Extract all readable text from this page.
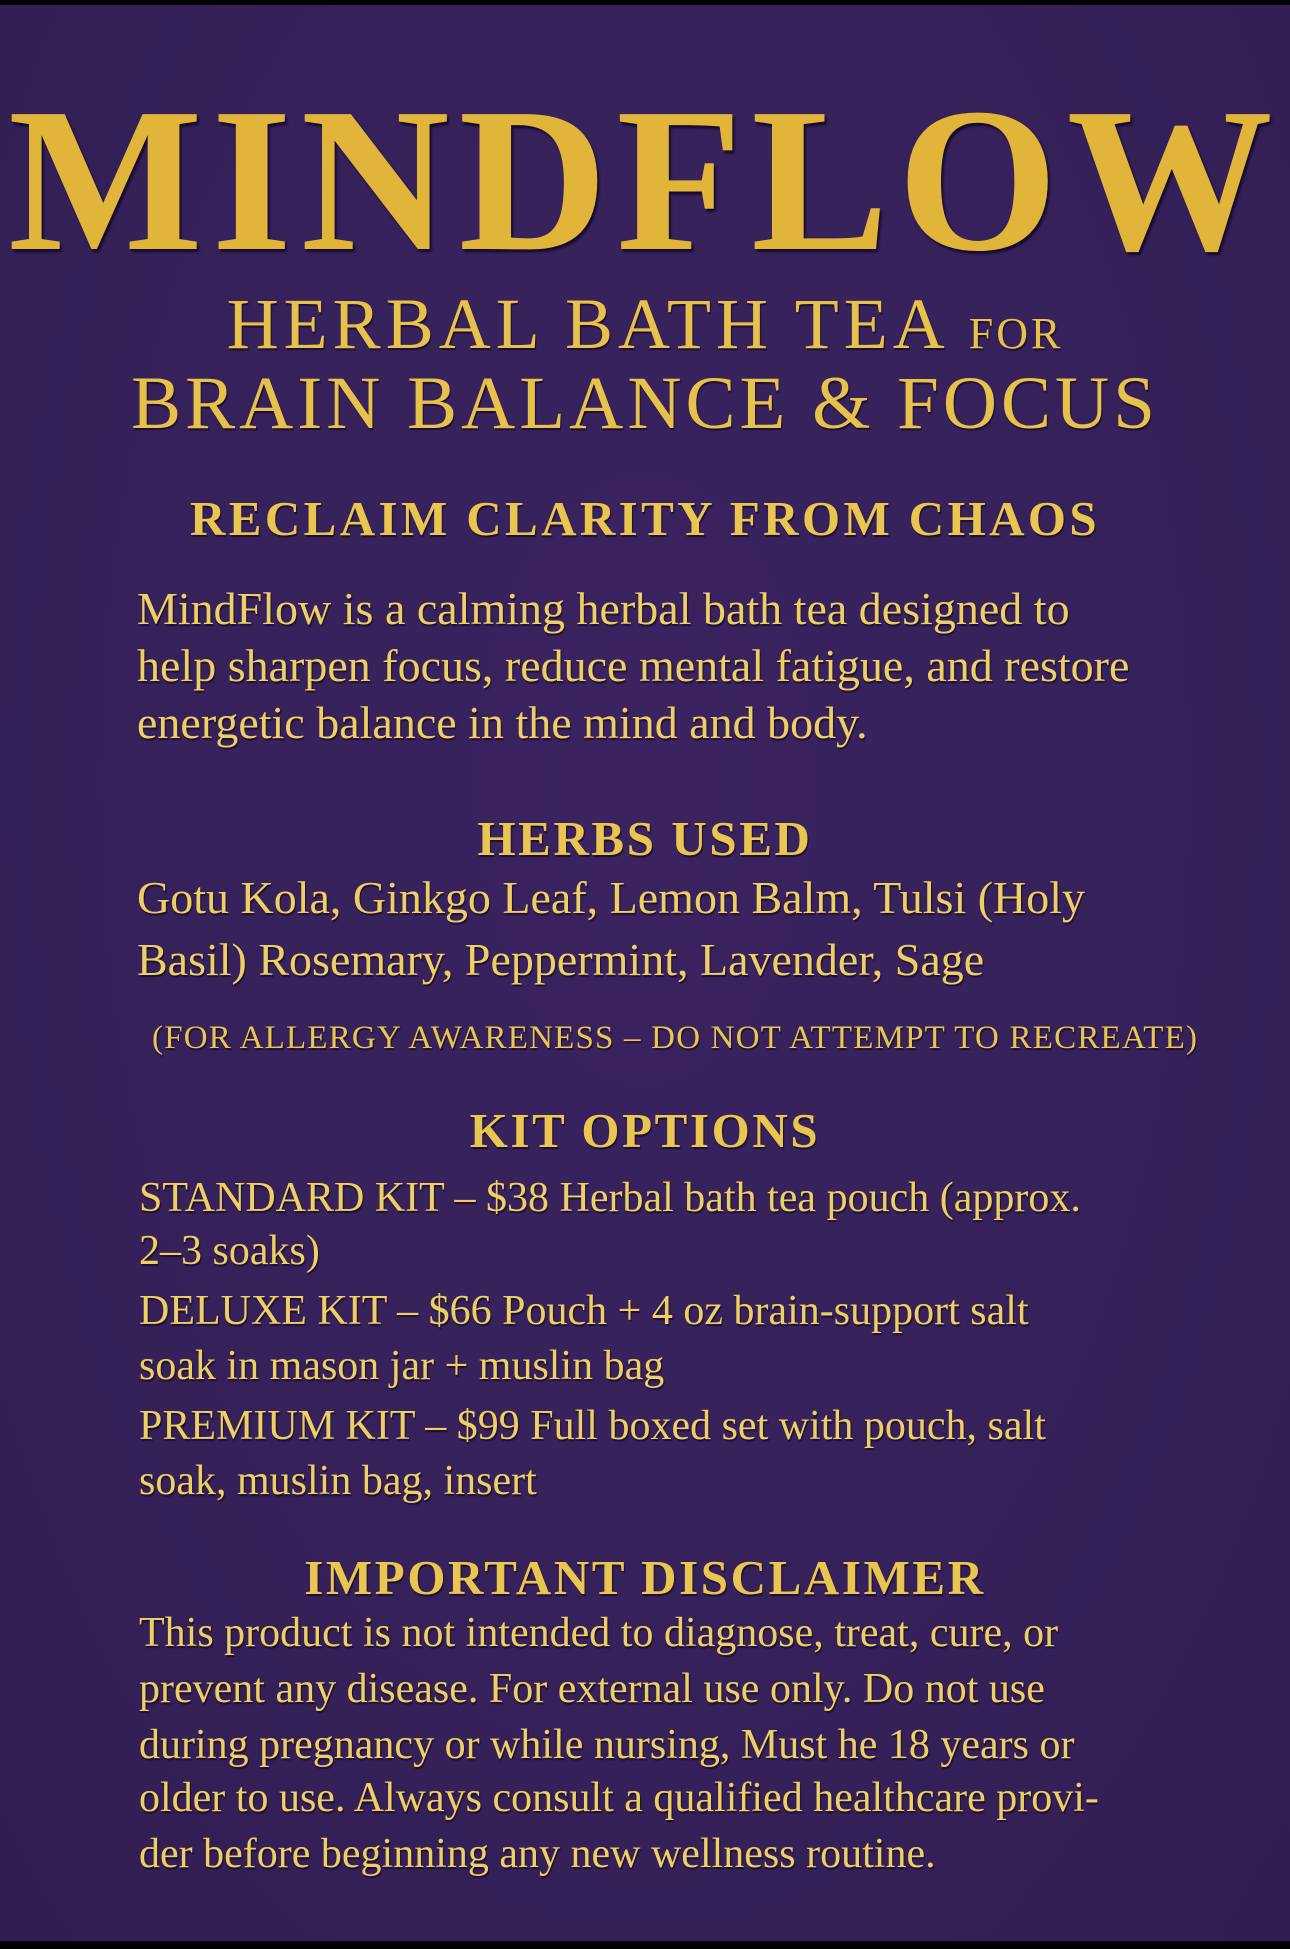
MINDFLOW
HERBAL BATH TEA FOR
BRAIN BALANCE & FOCUS
RECLAIM CLARITY FROM CHAOS

MindFlow is a calming herbal bath tea designed to

help sharpen focus, reduce mental fatigue, and restore

energetic balance in the mind and body.

HERBS USED

Gotu Kola, Ginkgo Leaf, Lemon Balm, Tulsi (Holy

Basil) Rosemary, Peppermint, Lavender, Sage

(FOR ALLERGY AWARENESS – DO NOT ATTEMPT TO RECREATE)

KIT OPTIONS

STANDARD KIT – $38 Herbal bath tea pouch (approx.

2–3 soaks)

DELUXE KIT – $66 Pouch + 4 oz brain-support salt

soak in mason jar + muslin bag

PREMIUM KIT – $99 Full boxed set with pouch, salt

soak, muslin bag, insert

IMPORTANT DISCLAIMER

This product is not intended to diagnose, treat, cure, or

prevent any disease. For external use only. Do not use

during pregnancy or while nursing, Must he 18 years or

older to use. Always consult a qualified healthcare provi-

der before beginning any new wellness routine.
